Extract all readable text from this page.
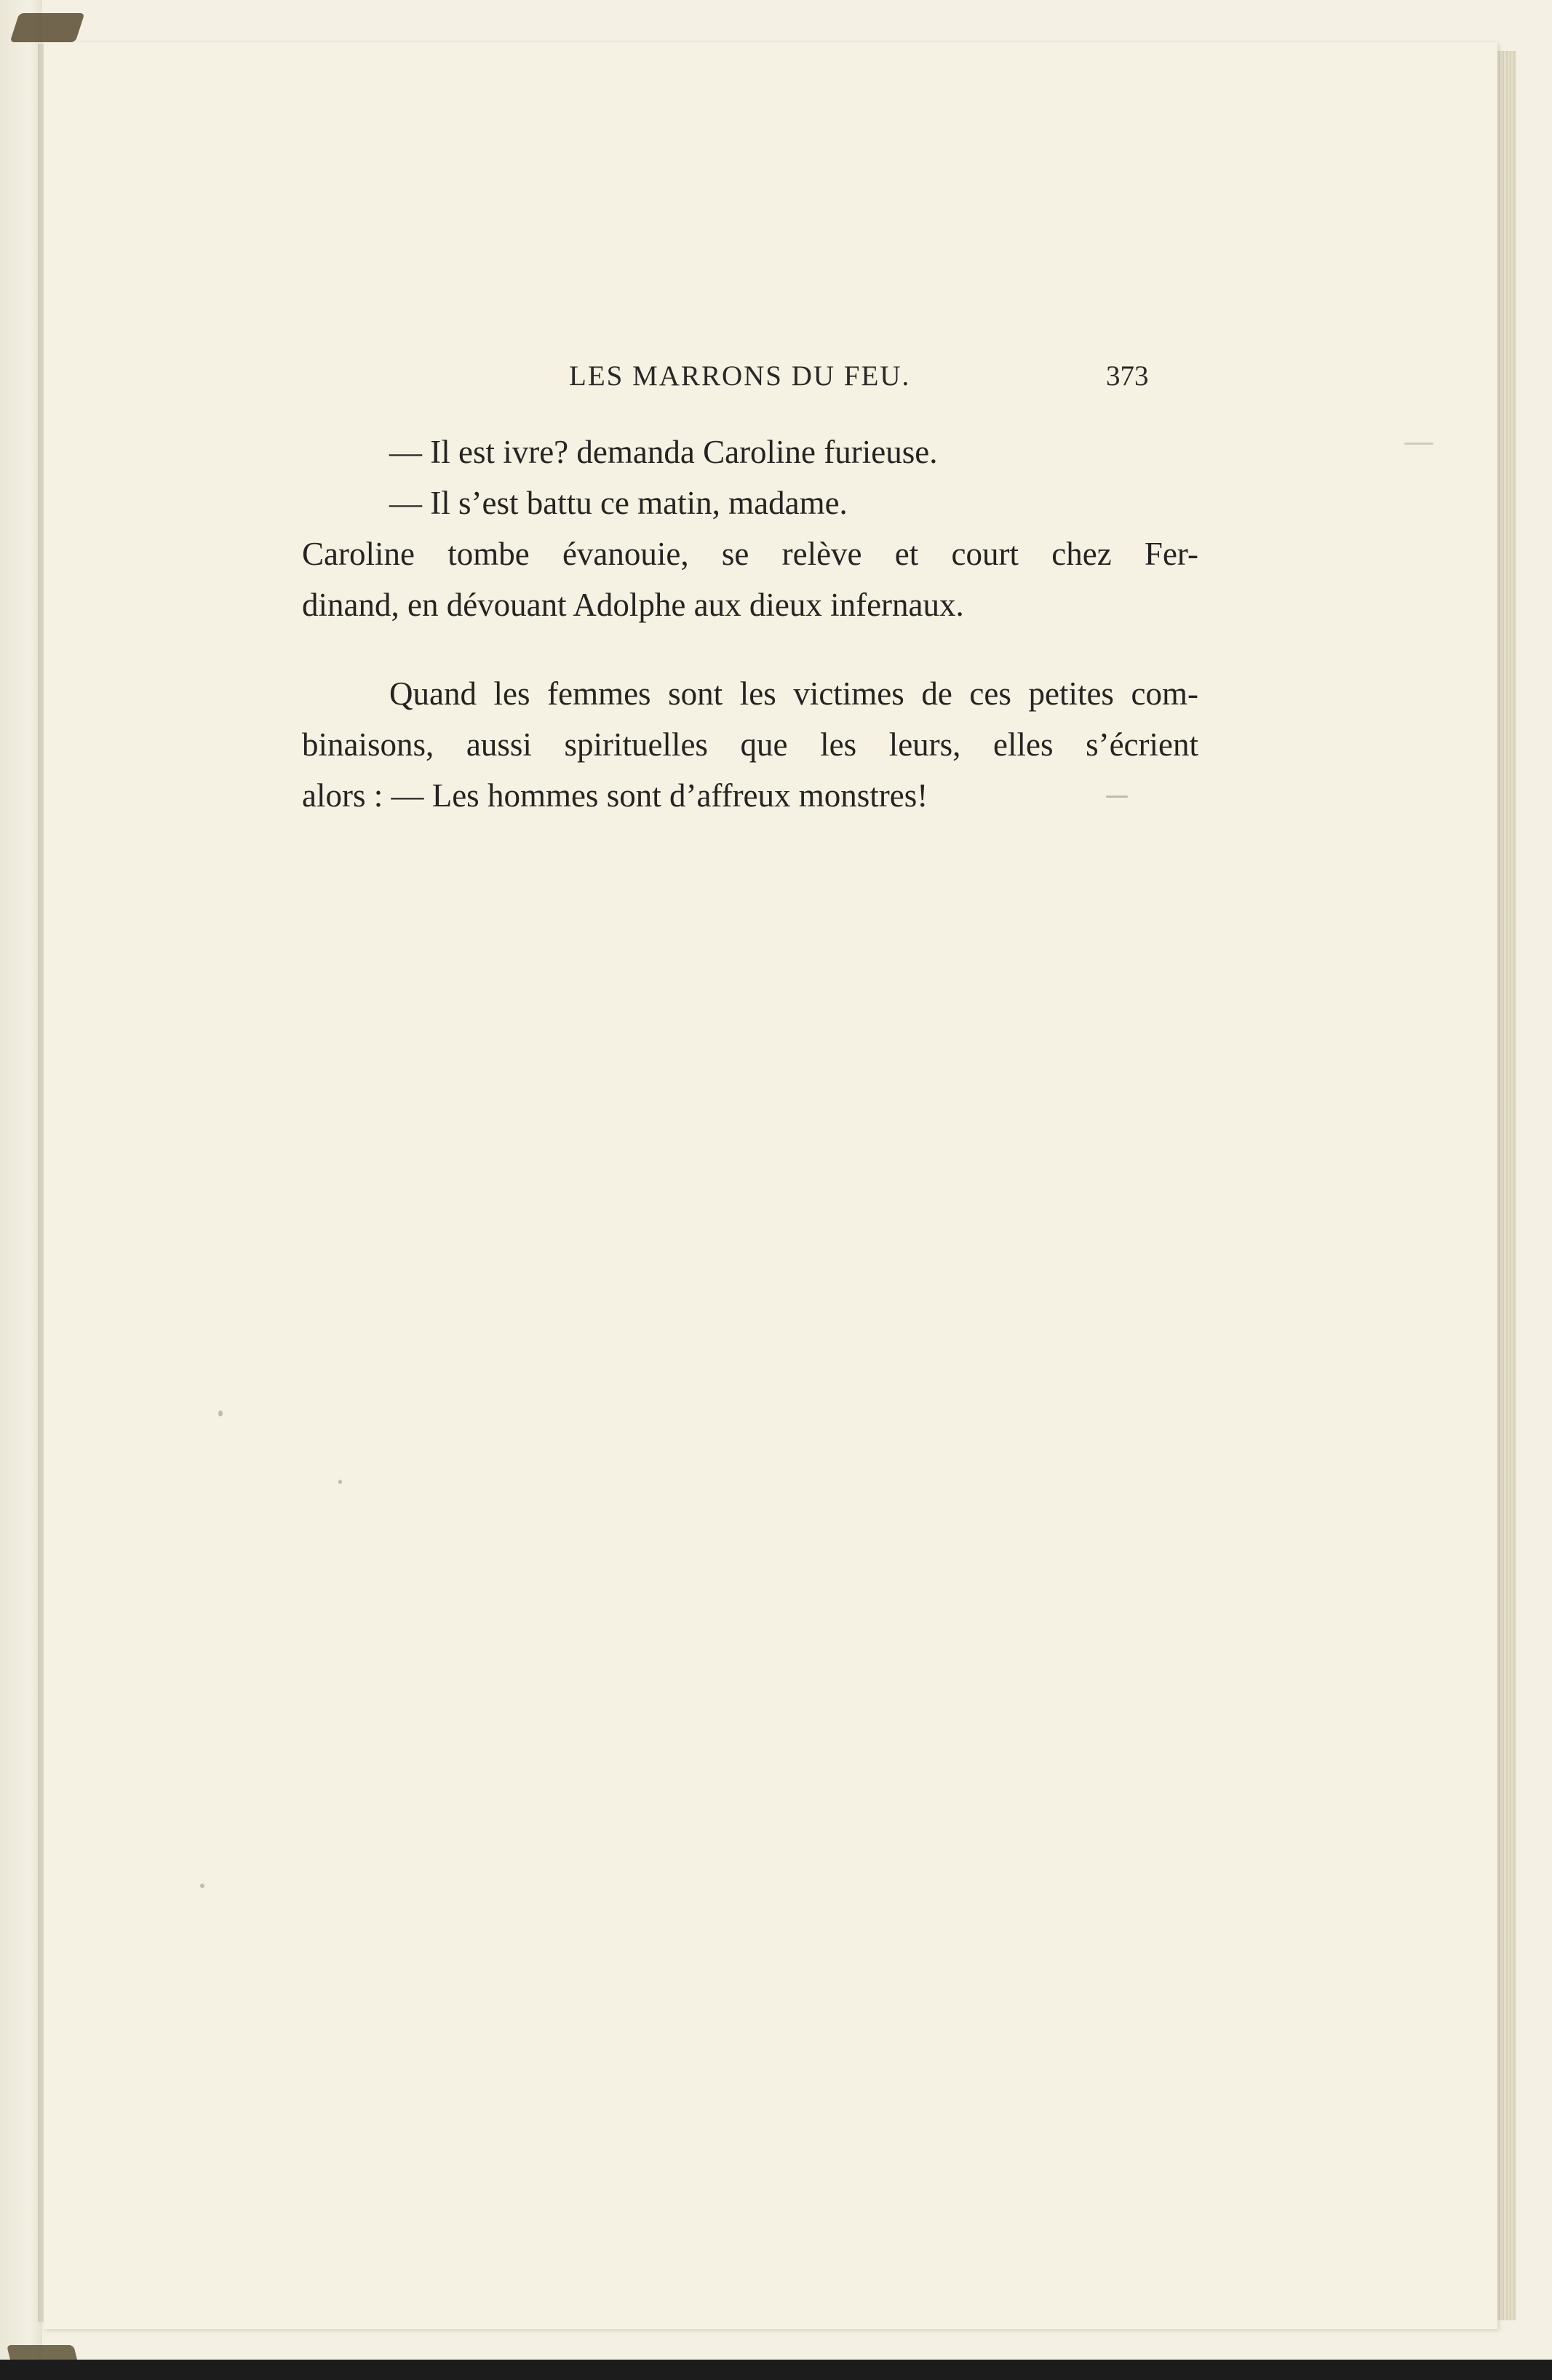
LES MARRONS DU FEU.	373
— Il est ivre? demanda Caroline furieuse.
— Il s’est battu ce matin, madame.
Caroline tombe évanouie, se relève et court chez Fer-
dinand, en dévouant Adolphe aux dieux infernaux.
Quand les femmes sont les victimes de ces petites com-
binaisons, aussi spirituelles que les leurs, elles s’écrient
alors : — Les hommes sont d’affreux monstres!
